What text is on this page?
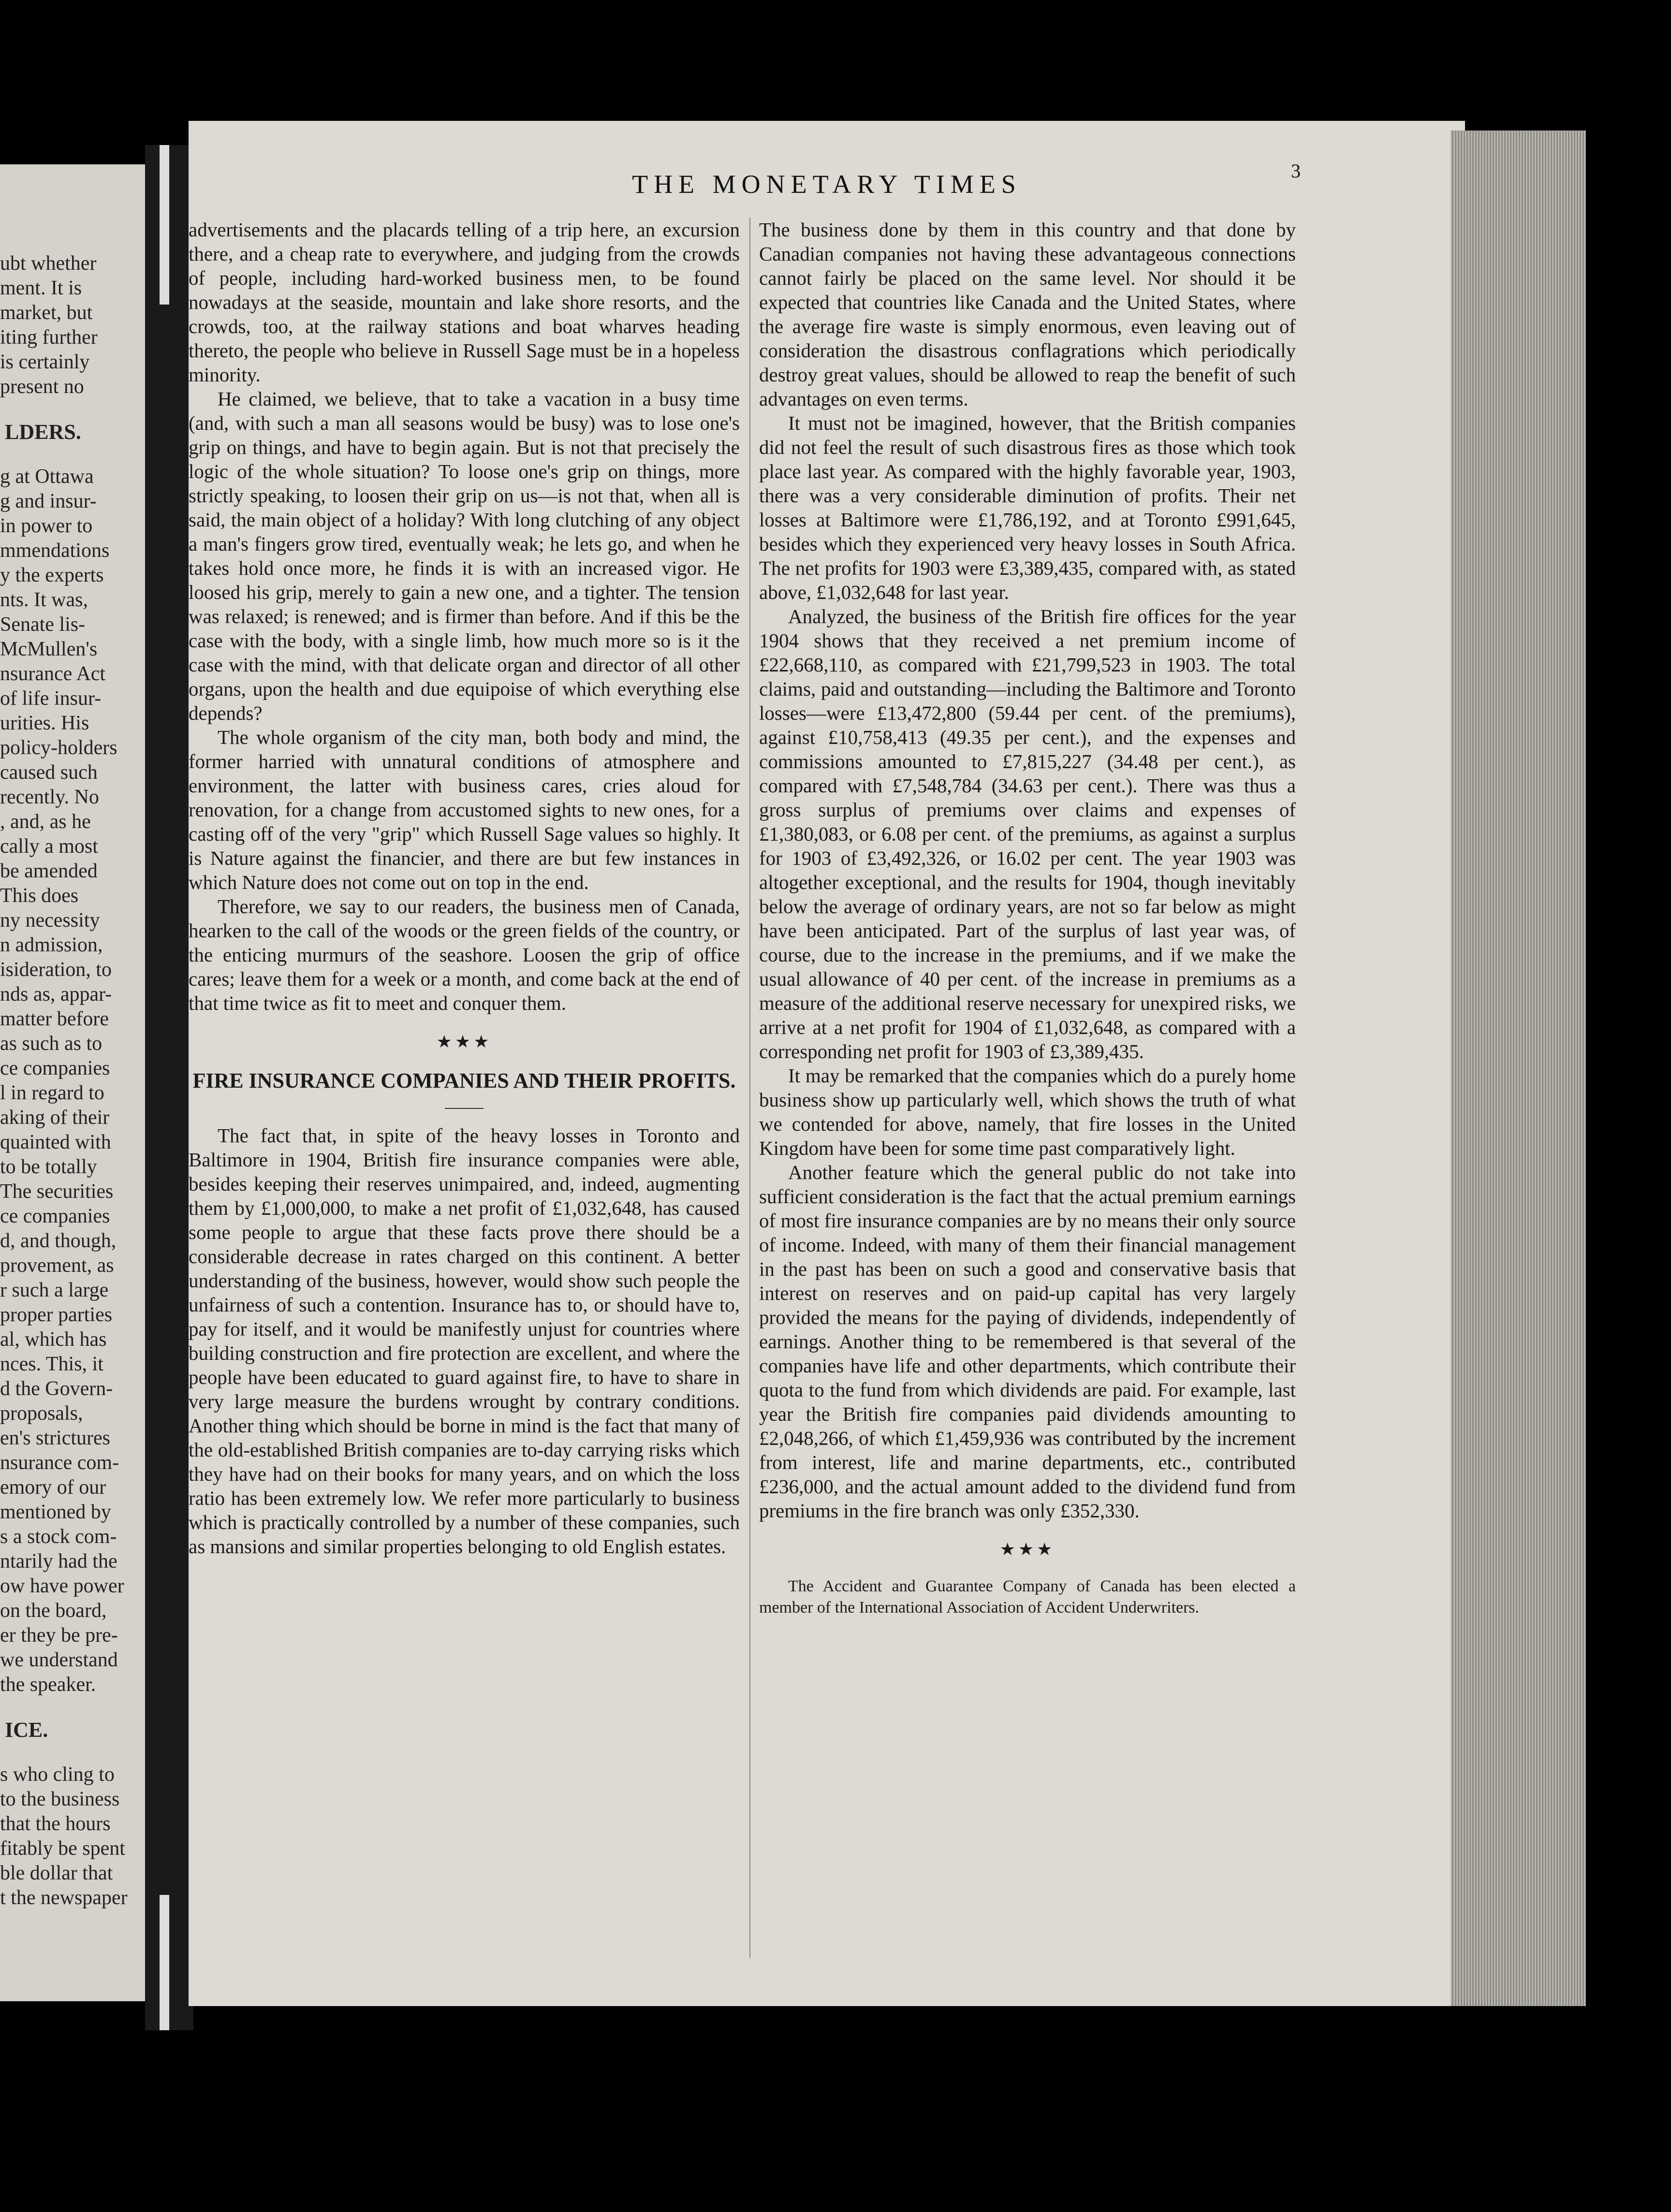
ubt whether

ment. It is

market, but

iting further

is certainly

present no

LDERS.

g at Ottawa

g and insur-

in power to

mmendations

y the experts

nts. It was,

Senate lis-

McMullen's

nsurance Act

of life insur-

urities. His

policy-holders

caused such

recently. No

, and, as he

cally a most

be amended

This does

ny necessity

n admission,

isideration, to

nds as, appar-

matter before

as such as to

ce companies

l in regard to

aking of their

quainted with

to be totally

The securities

ce companies

d, and though,

provement, as

r such a large

proper parties

al, which has

nces. This, it

d the Govern-

proposals,

en's strictures

nsurance com-

emory of our

mentioned by

s a stock com-

ntarily had the

ow have power

on the board,

er they be pre-

we understand

the speaker.

ICE.

s who cling to

to the business

that the hours

fitably be spent

ble dollar that

t the newspaper

THE MONETARY TIMES	3

advertisements and the placards telling of a trip here, an excursion there, and a cheap rate to everywhere, and judging from the crowds of people, including hard-worked business men, to be found nowadays at the seaside, mountain and lake shore resorts, and the crowds, too, at the railway stations and boat wharves heading thereto, the people who believe in Russell Sage must be in a hopeless minority.

He claimed, we believe, that to take a vacation in a busy time (and, with such a man all seasons would be busy) was to lose one's grip on things, and have to begin again. But is not that precisely the logic of the whole situation? To loose one's grip on things, more strictly speaking, to loosen their grip on us—is not that, when all is said, the main object of a holiday? With long clutching of any object a man's fingers grow tired, eventually weak; he lets go, and when he takes hold once more, he finds it is with an increased vigor. He loosed his grip, merely to gain a new one, and a tighter. The tension was relaxed; is renewed; and is firmer than before. And if this be the case with the body, with a single limb, how much more so is it the case with the mind, with that delicate organ and director of all other organs, upon the health and due equipoise of which everything else depends?

The whole organism of the city man, both body and mind, the former harried with unnatural conditions of atmosphere and environment, the latter with business cares, cries aloud for renovation, for a change from accustomed sights to new ones, for a casting off of the very "grip" which Russell Sage values so highly. It is Nature against the financier, and there are but few instances in which Nature does not come out on top in the end.

Therefore, we say to our readers, the business men of Canada, hearken to the call of the woods or the green fields of the country, or the enticing murmurs of the seashore. Loosen the grip of office cares; leave them for a week or a month, and come back at the end of that time twice as fit to meet and conquer them.

★★★

FIRE INSURANCE COMPANIES AND THEIR PROFITS.

The fact that, in spite of the heavy losses in Toronto and Baltimore in 1904, British fire insurance companies were able, besides keeping their reserves unimpaired, and, indeed, augmenting them by £1,000,000, to make a net profit of £1,032,648, has caused some people to argue that these facts prove there should be a considerable decrease in rates charged on this continent. A better understanding of the business, however, would show such people the unfairness of such a contention. Insurance has to, or should have to, pay for itself, and it would be manifestly unjust for countries where building construction and fire protection are excellent, and where the people have been educated to guard against fire, to have to share in very large measure the burdens wrought by contrary conditions. Another thing which should be borne in mind is the fact that many of the old-established British companies are to-day carrying risks which they have had on their books for many years, and on which the loss ratio has been extremely low. We refer more particularly to business which is practically controlled by a number of these companies, such as mansions and similar properties belonging to old English estates.

The business done by them in this country and that done by Canadian companies not having these advantageous connections cannot fairly be placed on the same level. Nor should it be expected that countries like Canada and the United States, where the average fire waste is simply enormous, even leaving out of consideration the disastrous conflagrations which periodically destroy great values, should be allowed to reap the benefit of such advantages on even terms.

It must not be imagined, however, that the British companies did not feel the result of such disastrous fires as those which took place last year. As compared with the highly favorable year, 1903, there was a very considerable diminution of profits. Their net losses at Baltimore were £1,786,192, and at Toronto £991,645, besides which they experienced very heavy losses in South Africa. The net profits for 1903 were £3,389,435, compared with, as stated above, £1,032,648 for last year.

Analyzed, the business of the British fire offices for the year 1904 shows that they received a net premium income of £22,668,110, as compared with £21,799,523 in 1903. The total claims, paid and outstanding—including the Baltimore and Toronto losses—were £13,472,800 (59.44 per cent. of the premiums), against £10,758,413 (49.35 per cent.), and the expenses and commissions amounted to £7,815,227 (34.48 per cent.), as compared with £7,548,784 (34.63 per cent.). There was thus a gross surplus of premiums over claims and expenses of £1,380,083, or 6.08 per cent. of the premiums, as against a surplus for 1903 of £3,492,326, or 16.02 per cent. The year 1903 was altogether exceptional, and the results for 1904, though inevitably below the average of ordinary years, are not so far below as might have been anticipated. Part of the surplus of last year was, of course, due to the increase in the premiums, and if we make the usual allowance of 40 per cent. of the increase in premiums as a measure of the additional reserve necessary for unexpired risks, we arrive at a net profit for 1904 of £1,032,648, as compared with a corresponding net profit for 1903 of £3,389,435.

It may be remarked that the companies which do a purely home business show up particularly well, which shows the truth of what we contended for above, namely, that fire losses in the United Kingdom have been for some time past comparatively light.

Another feature which the general public do not take into sufficient consideration is the fact that the actual premium earnings of most fire insurance companies are by no means their only source of income. Indeed, with many of them their financial management in the past has been on such a good and conservative basis that interest on reserves and on paid-up capital has very largely provided the means for the paying of dividends, independently of earnings. Another thing to be remembered is that several of the companies have life and other departments, which contribute their quota to the fund from which dividends are paid. For example, last year the British fire companies paid dividends amounting to £2,048,266, of which £1,459,936 was contributed by the increment from interest, life and marine departments, etc., contributed £236,000, and the actual amount added to the dividend fund from premiums in the fire branch was only £352,330.

★★★

The Accident and Guarantee Company of Canada has been elected a member of the International Association of Accident Underwriters.
